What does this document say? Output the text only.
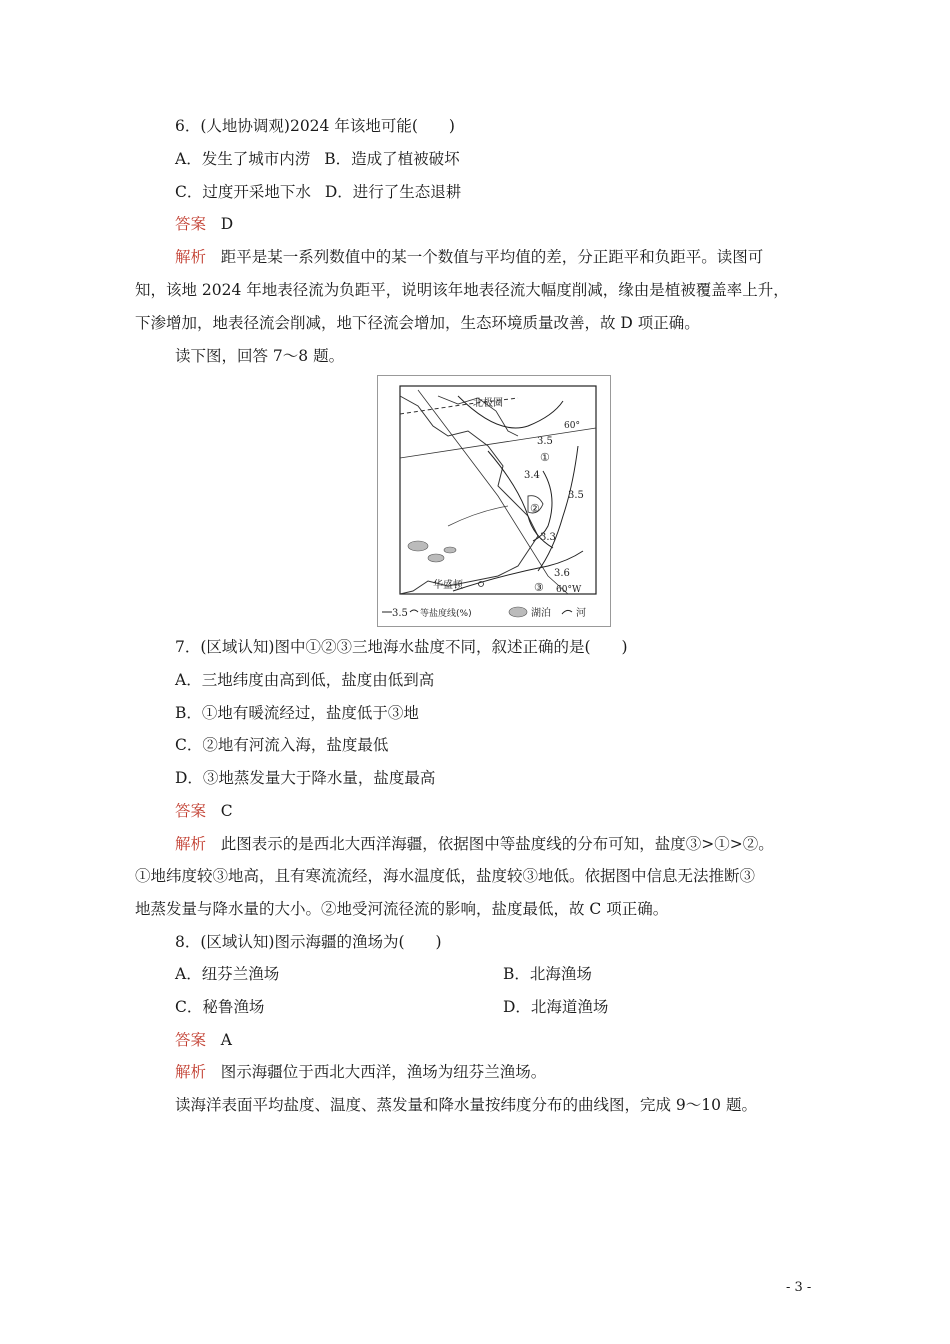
6．(人地协调观)2024 年该地可能(　　)
A．发生了城市内涝 B．造成了植被破坏
C．过度开采地下水 D．进行了生态退耕
答案 D
解析 距平是某一系列数值中的某一个数值与平均值的差，分正距平和负距平。读图可
知，该地 2024 年地表径流为负距平，说明该年地表径流大幅度削减，缘由是植被覆盖率上升，
下渗增加，地表径流会削减，地下径流会增加，生态环境质量改善，故 D 项正确。
读下图，回答 7～8 题。
北极圈
60°
3.5
①
3.4
3.5
②
3.3
3.6
③ 60°W
华盛顿
3.5 等盐度线(%)	湖泊	河
7．(区域认知)图中①②③三地海水盐度不同，叙述正确的是(　　)
A．三地纬度由高到低，盐度由低到高
B．①地有暖流经过，盐度低于③地
C．②地有河流入海，盐度最低
D．③地蒸发量大于降水量，盐度最高
答案 C
解析 此图表示的是西北大西洋海疆，依据图中等盐度线的分布可知，盐度③>①>②。
①地纬度较③地高，且有寒流流经，海水温度低，盐度较③地低。依据图中信息无法推断③
地蒸发量与降水量的大小。②地受河流径流的影响，盐度最低，故 C 项正确。
8．(区域认知)图示海疆的渔场为(　　)
A．纽芬兰渔场	B．北海渔场
C．秘鲁渔场	D．北海道渔场
答案 A
解析 图示海疆位于西北大西洋，渔场为纽芬兰渔场。
读海洋表面平均盐度、温度、蒸发量和降水量按纬度分布的曲线图，完成 9～10 题。
- 3 -
